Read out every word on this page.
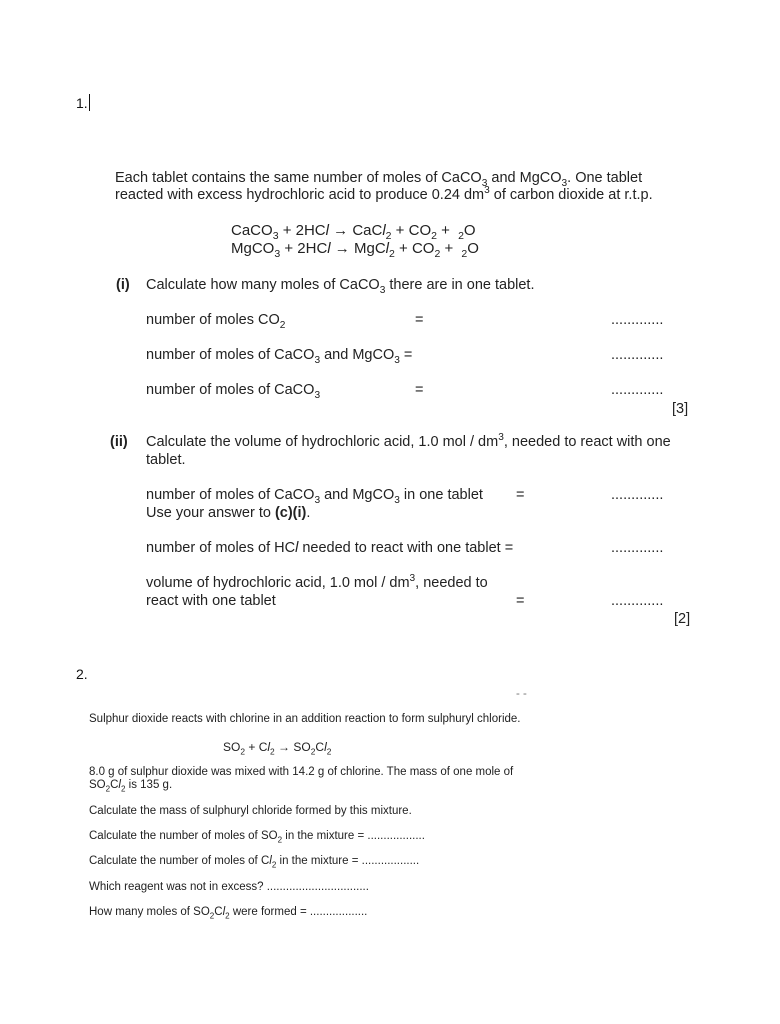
1.
Each tablet contains the same number of moles of CaCO$_3$ and MgCO$_3$. One tablet
reacted with excess hydrochloric acid to produce 0.24 $dm^3$ of carbon dioxide at r.t.p.
CaCO$_3$ + 2HCl → CaCl$_2$ + $CO_2 + _2O$
MgCO$_3$ + 2HCl → MgCl$_2$ + $CO_2 + _2O$
(i) Calculate how many moles of CaCO$_3$ there are in one tablet.
number of moles $CO_2$	=	.............
number of moles of CaCO$_3$ and MgCO$_3$ =	.............
number of moles of CaCO$_3$	=	.............
[3]
(ii) Calculate the volume of hydrochloric acid, 1.0 mol / $dm^3$, needed to react with one
tablet.
number of moles of CaCO$_3$ and MgCO$_3$ in one tablet =	.............
Use your answer to (c)(i).
number of moles of HCl needed to react with one tablet =	.............
volume of hydrochloric acid, 1.0 mol / $dm^3$, needed to
react with one tablet	=	.............
[2]
2.
- -
Sulphur dioxide reacts with chlorine in an addition reaction to form sulphuryl chloride.
$SO_2 + Cl_2 \to SO_2Cl_2$
8.0 g of sulphur dioxide was mixed with 14.2 g of chlorine. The mass of one mole of
$SO_2Cl_2$ is 135 g.
Calculate the mass of sulphuryl chloride formed by this mixture.
Calculate the number of moles of $SO_2$ in the mixture = ..................
Calculate the number of moles of $Cl_2$ in the mixture = ..................
Which reagent was not in excess? ................................
How many moles of $SO_2Cl_2$ were formed = ..................
